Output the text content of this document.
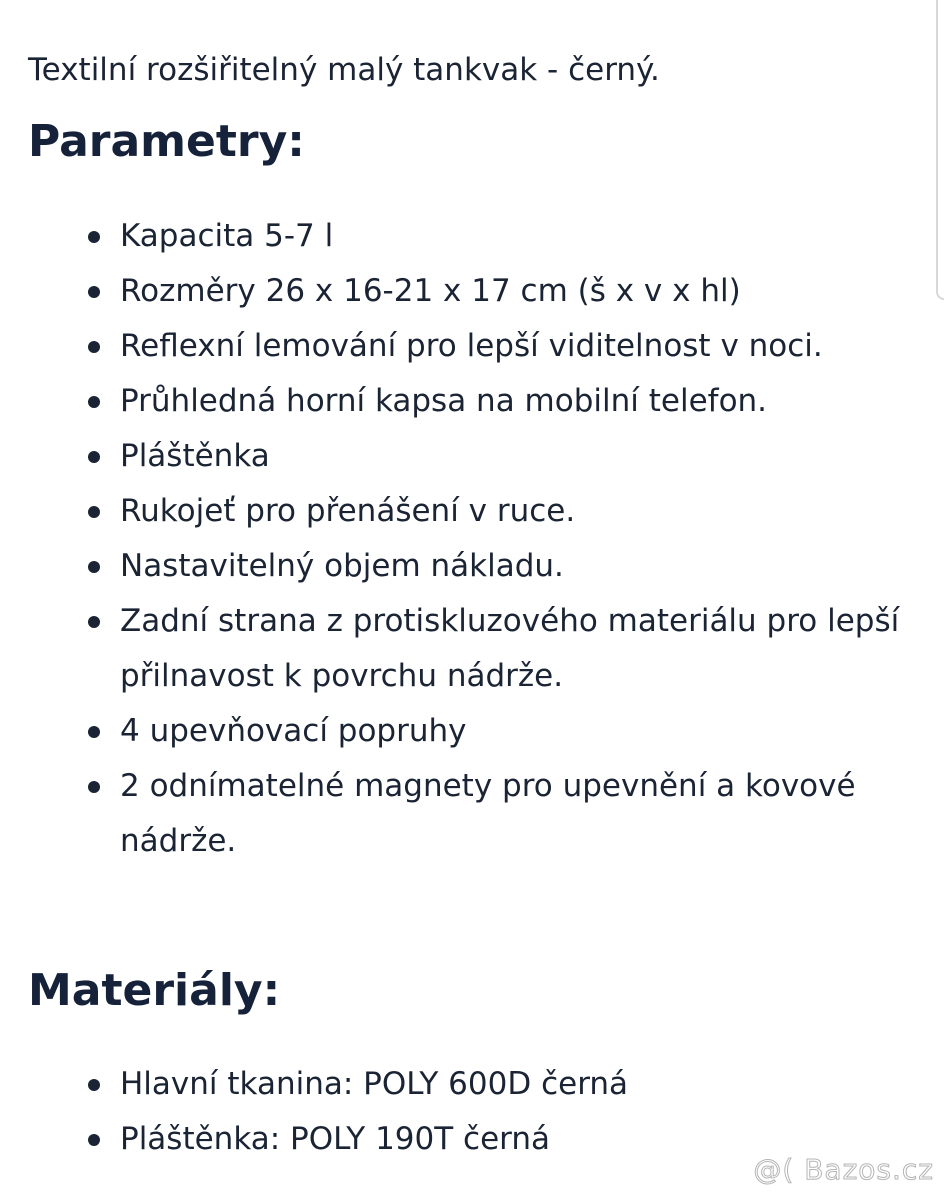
Textilní rozšiřitelný malý tankvak - černý.
Parametry:
Kapacita 5-7 l
Rozměry 26 x 16-21 x 17 cm (š x v x hl)
Reflexní lemování pro lepší viditelnost v noci.
Průhledná horní kapsa na mobilní telefon.
Pláštěnka
Rukojeť pro přenášení v ruce.
Nastavitelný objem nákladu.
Zadní strana z protiskluzového materiálu pro lepší přilnavost k povrchu nádrže.
4 upevňovací popruhy
2 odnímatelné magnety pro upevnění a kovové nádrže.
Materiály:
Hlavní tkanina: POLY 600D černá
Pláštěnka: POLY 190T černá
@( Bazos.cz
